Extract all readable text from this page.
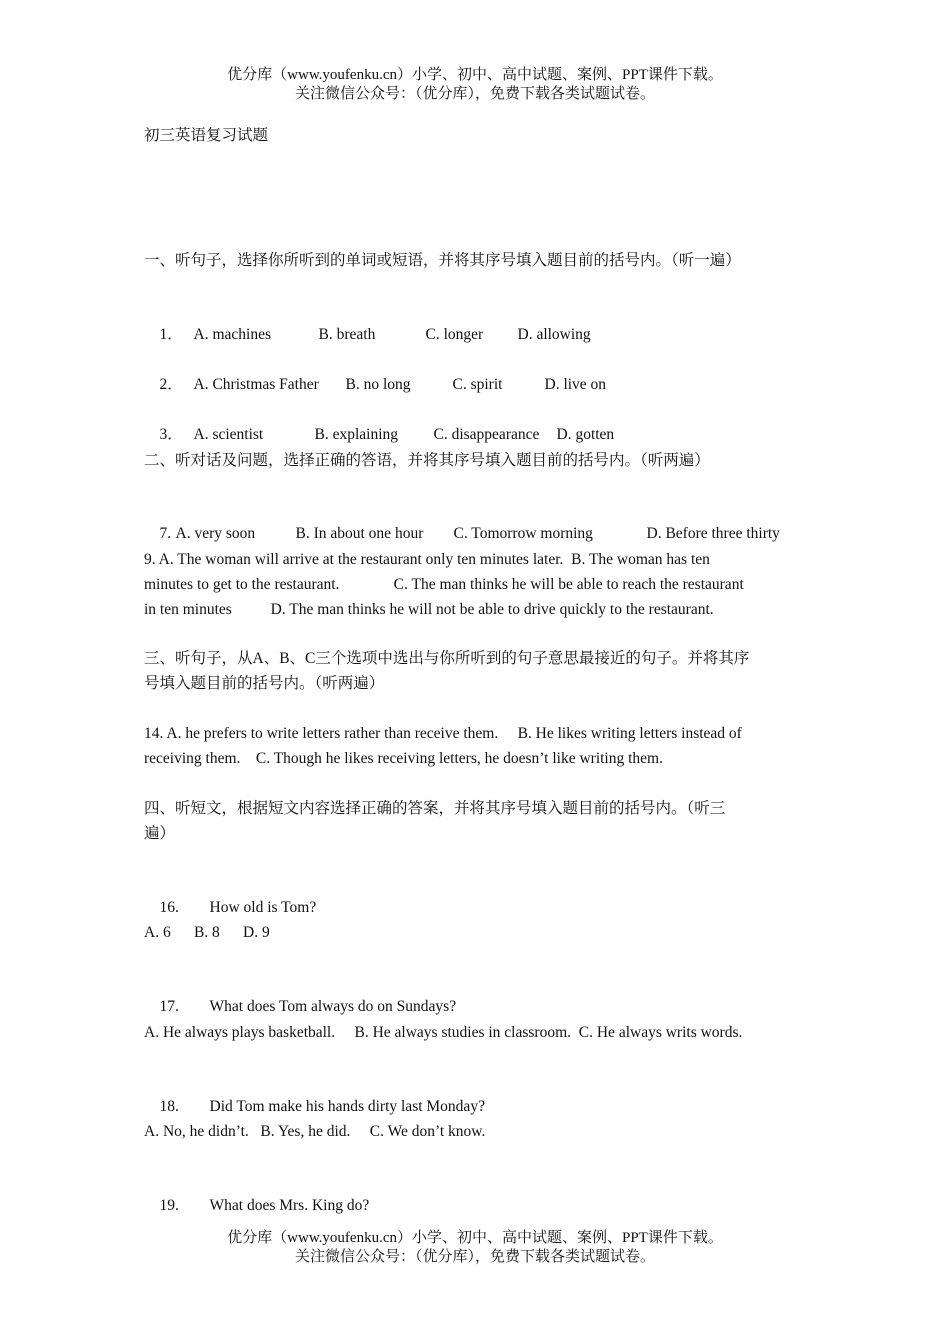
优分库（www.youfenku.cn）小学、初中、高中试题、案例、PPT课件下载。
关注微信公众号：（优分库），免费下载各类试题试卷。
初三英语复习试题
一、听句子，选择你所听到的单词或短语，并将其序号填入题目前的括号内。（听一遍）

1． A. machines	B. breath	C. longer D. allowing

2． A. Christmas Father B. no long	C. spirit	D. live on

3． A. scientist	B. explaining C. disappearance D. gotten

二、听对话及问题，选择正确的答语，并将其序号填入题目前的括号内。（听两遍）

7. A. very soon	B. In about one hour C. Tomorrow morning	D. Before three thirty

9. A. The woman will arrive at the restaurant only ten minutes later.  B. The woman has ten
minutes to get to the restaurant.              C. The man thinks he will be able to reach the restaurant
in ten minutes          D. The man thinks he will not be able to drive quickly to the restaurant.
三、听句子，从A、B、C三个选项中选出与你所听到的句子意思最接近的句子。并将其序
号填入题目前的括号内。（听两遍）
14. A. he prefers to write letters rather than receive them.     B. He likes writing letters instead of
receiving them.    C. Though he likes receiving letters, he doesn’t like writing them.
四、听短文，根据短文内容选择正确的答案，并将其序号填入题目前的括号内。（听三
遍）

16. How old is Tom?

A. 6      B. 8      D. 9

17. What does Tom always do on Sundays?

A. He always plays basketball.     B. He always studies in classroom.  C. He always writs words.

18. Did Tom make his hands dirty last Monday?

A. No, he didn’t.   B. Yes, he did.     C. We don’t know.

19. What does Mrs. King do?

优分库（www.youfenku.cn）小学、初中、高中试题、案例、PPT课件下载。
关注微信公众号：（优分库），免费下载各类试题试卷。
